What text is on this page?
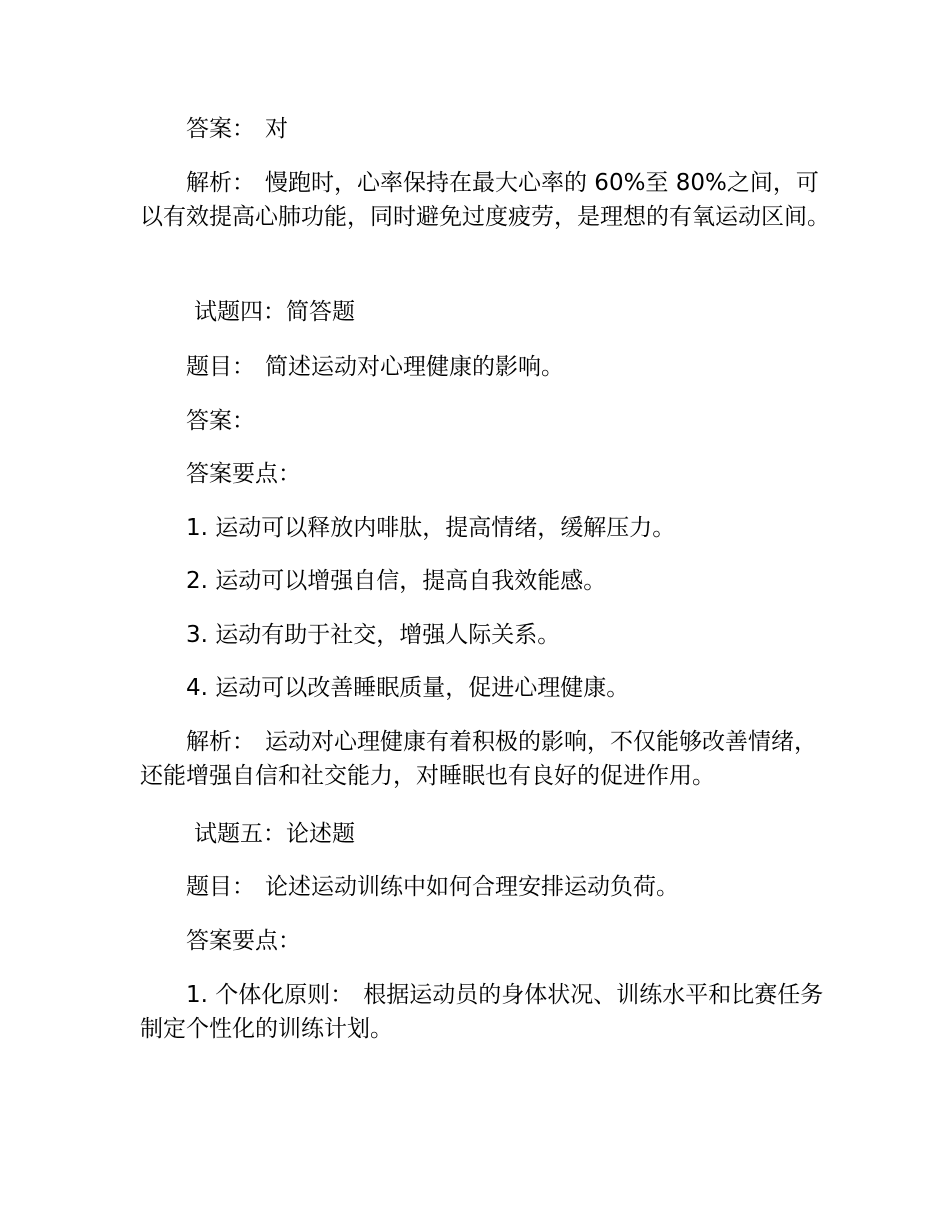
答案： 对

解析： 慢跑时，心率保持在最大心率的 60%至 80%之间，可以有效提高心肺功能，同时避免过度疲劳，是理想的有氧运动区间。

试题四：简答题

题目： 简述运动对心理健康的影响。

答案：

答案要点：

1. 运动可以释放内啡肽，提高情绪，缓解压力。

2. 运动可以增强自信，提高自我效能感。

3. 运动有助于社交，增强人际关系。

4. 运动可以改善睡眠质量，促进心理健康。

解析： 运动对心理健康有着积极的影响，不仅能够改善情绪，还能增强自信和社交能力，对睡眠也有良好的促进作用。

试题五：论述题

题目： 论述运动训练中如何合理安排运动负荷。

答案要点：

1. 个体化原则： 根据运动员的身体状况、训练水平和比赛任务制定个性化的训练计划。
